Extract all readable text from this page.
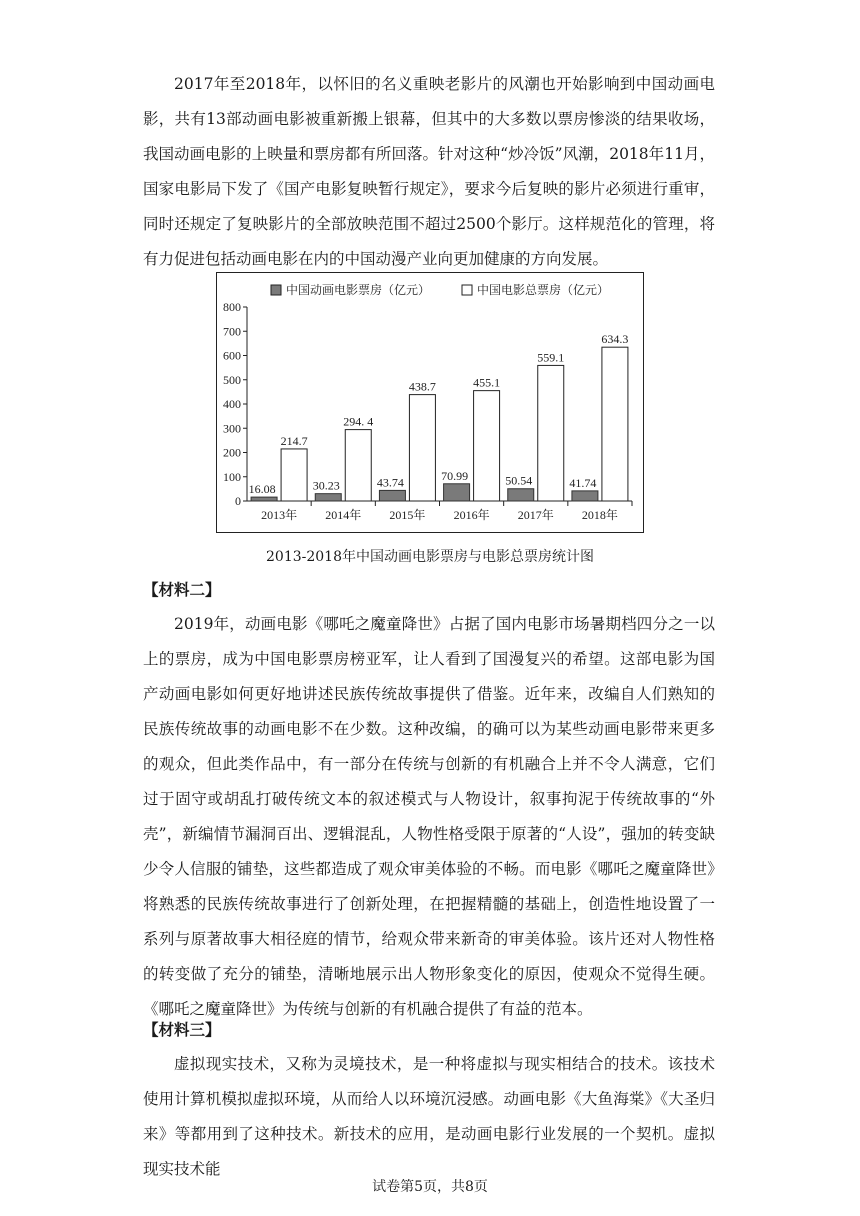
2017年至2018年，以怀旧的名义重映老影片的风潮也开始影响到中国动画电影，共有13部动画电影被重新搬上银幕，但其中的大多数以票房惨淡的结果收场，我国动画电影的上映量和票房都有所回落。针对这种“炒冷饭”风潮，2018年11月，国家电影局下发了《国产电影复映暂行规定》，要求今后复映的影片必须进行重审，同时还规定了复映影片的全部放映范围不超过2500个影厅。这样规范化的管理，将有力促进包括动画电影在内的中国动漫产业向更加健康的方向发展。

中国动画电影票房（亿元）	中国电影总票房（亿元）
0
100
200
300
400
500
600
700
800
16.08
214.7
2013年
30.23
294. 4
2014年
43.74
438.7
2015年
70.99
455.1
2016年
50.54
559.1
2017年
41.74
634.3
2018年

2013-2018年中国动画电影票房与电影总票房统计图

【材料二】

2019年，动画电影《哪吒之魔童降世》占据了国内电影市场暑期档四分之一以上的票房，成为中国电影票房榜亚军，让人看到了国漫复兴的希望。这部电影为国产动画电影如何更好地讲述民族传统故事提供了借鉴。近年来，改编自人们熟知的民族传统故事的动画电影不在少数。这种改编，的确可以为某些动画电影带来更多的观众，但此类作品中，有一部分在传统与创新的有机融合上并不令人满意，它们过于固守或胡乱打破传统文本的叙述模式与人物设计，叙事拘泥于传统故事的“外壳”，新编情节漏洞百出、逻辑混乱，人物性格受限于原著的“人设”，强加的转变缺少令人信服的铺垫，这些都造成了观众审美体验的不畅。而电影《哪吒之魔童降世》将熟悉的民族传统故事进行了创新处理，在把握精髓的基础上，创造性地设置了一系列与原著故事大相径庭的情节，给观众带来新奇的审美体验。该片还对人物性格的转变做了充分的铺垫，清晰地展示出人物形象变化的原因，使观众不觉得生硬。《哪吒之魔童降世》为传统与创新的有机融合提供了有益的范本。

【材料三】

虚拟现实技术，又称为灵境技术，是一种将虚拟与现实相结合的技术。该技术使用计算机模拟虚拟环境，从而给人以环境沉浸感。动画电影《大鱼海棠》《大圣归来》等都用到了这种技术。新技术的应用，是动画电影行业发展的一个契机。虚拟现实技术能

试卷第5页，共8页
